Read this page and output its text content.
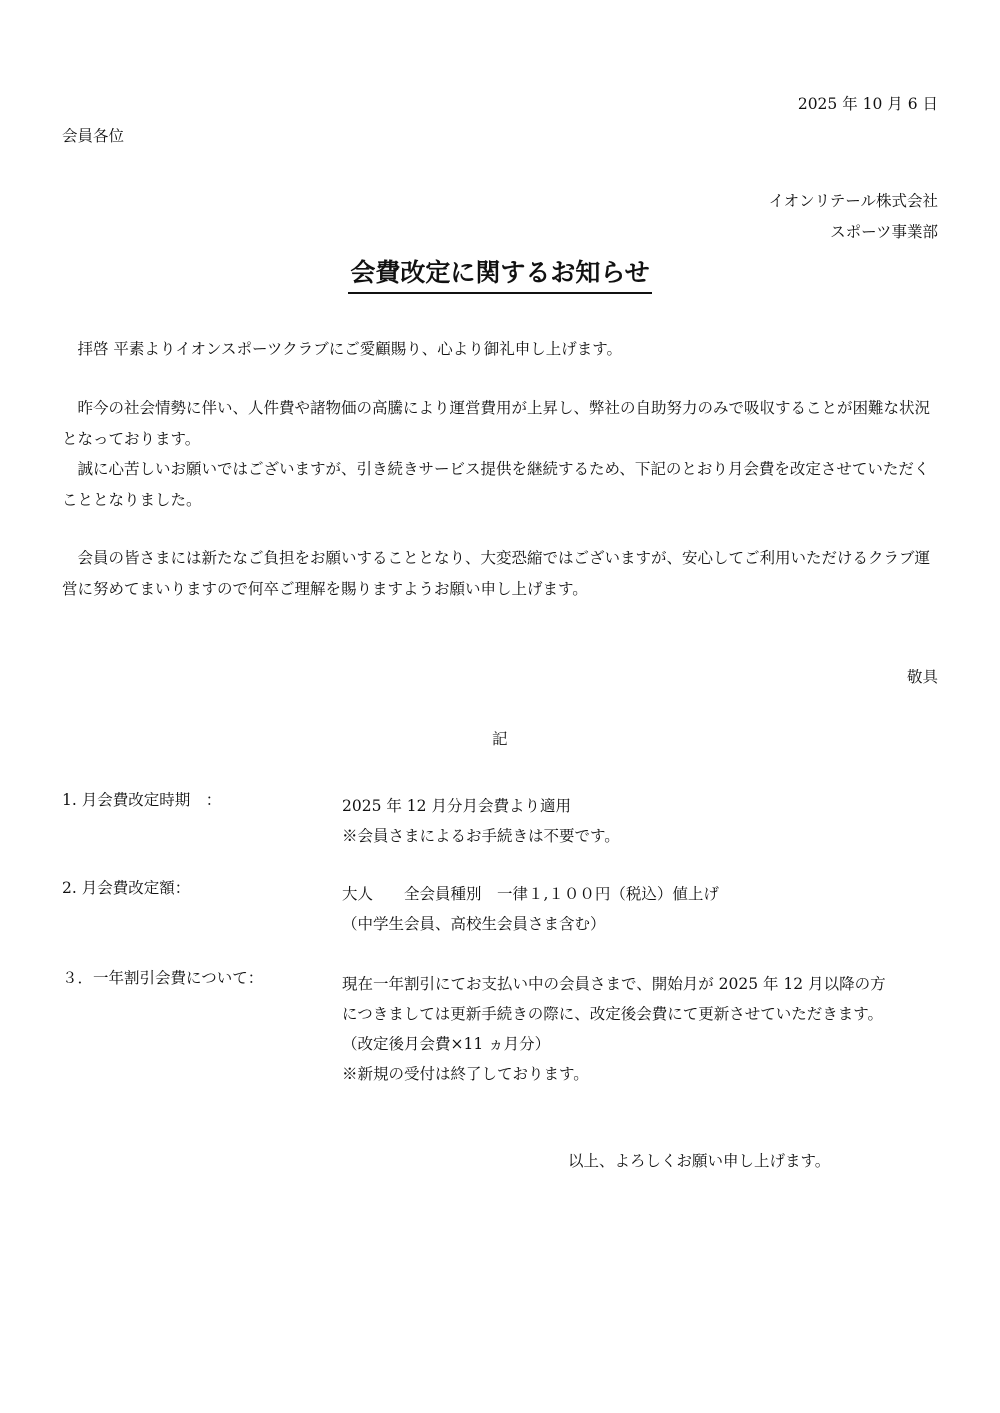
2025 年 10 月 6 日
会員各位
イオンリテール株式会社
スポーツ事業部
会費改定に関するお知らせ
拝啓 平素よりイオンスポーツクラブにご愛顧賜り、心より御礼申し上げます。
昨今の社会情勢に伴い、人件費や諸物価の高騰により運営費用が上昇し、弊社の自助努力のみで吸収することが困難な状況となっております。
誠に心苦しいお願いではございますが、引き続きサービス提供を継続するため、下記のとおり月会費を改定させていただくこととなりました。
会員の皆さまには新たなご負担をお願いすることとなり、大変恐縮ではございますが、安心してご利用いただけるクラブ運営に努めてまいりますので何卒ご理解を賜りますようお願い申し上げます。
敬具
記
1. 月会費改定時期　：	2025 年 12 月分月会費より適用
※会員さまによるお手続きは不要です。
2. 月会費改定額：	大人　　全会員種別　一律１,１００円（税込）値上げ
（中学生会員、高校生会員さま含む）
３．一年割引会費について：	現在一年割引にてお支払い中の会員さまで、開始月が 2025 年 12 月以降の方
につきましては更新手続きの際に、改定後会費にて更新させていただきます。
（改定後月会費×11 ヵ月分）
※新規の受付は終了しております。
以上、よろしくお願い申し上げます。
